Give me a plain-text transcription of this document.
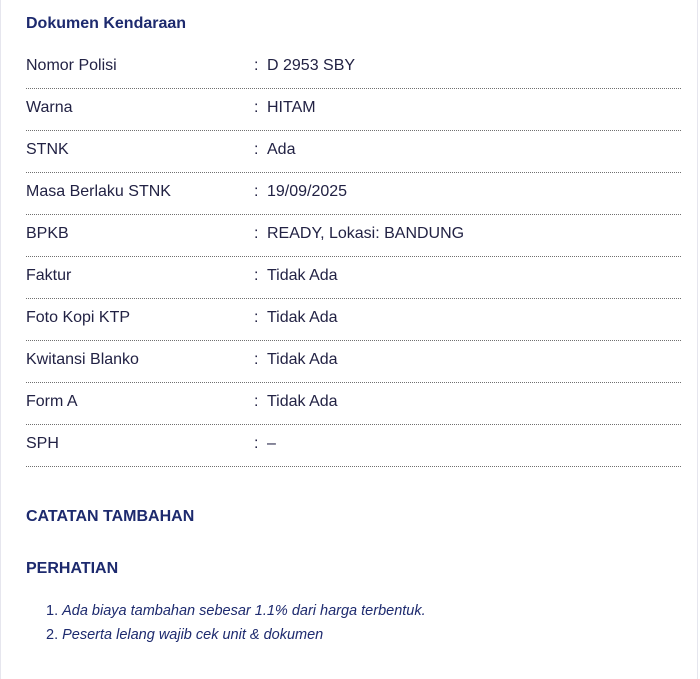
Dokumen Kendaraan
Nomor Polisi	: D 2953 SBY
Warna	: HITAM
STNK	: Ada
Masa Berlaku STNK	: 19/09/2025
BPKB	: READY, Lokasi: BANDUNG
Faktur	: Tidak Ada
Foto Kopi KTP	: Tidak Ada
Kwitansi Blanko	: Tidak Ada
Form A	: Tidak Ada
SPH	: –
CATATAN TAMBAHAN
PERHATIAN
1. Ada biaya tambahan sebesar 1.1% dari harga terbentuk.
2. Peserta lelang wajib cek unit & dokumen
